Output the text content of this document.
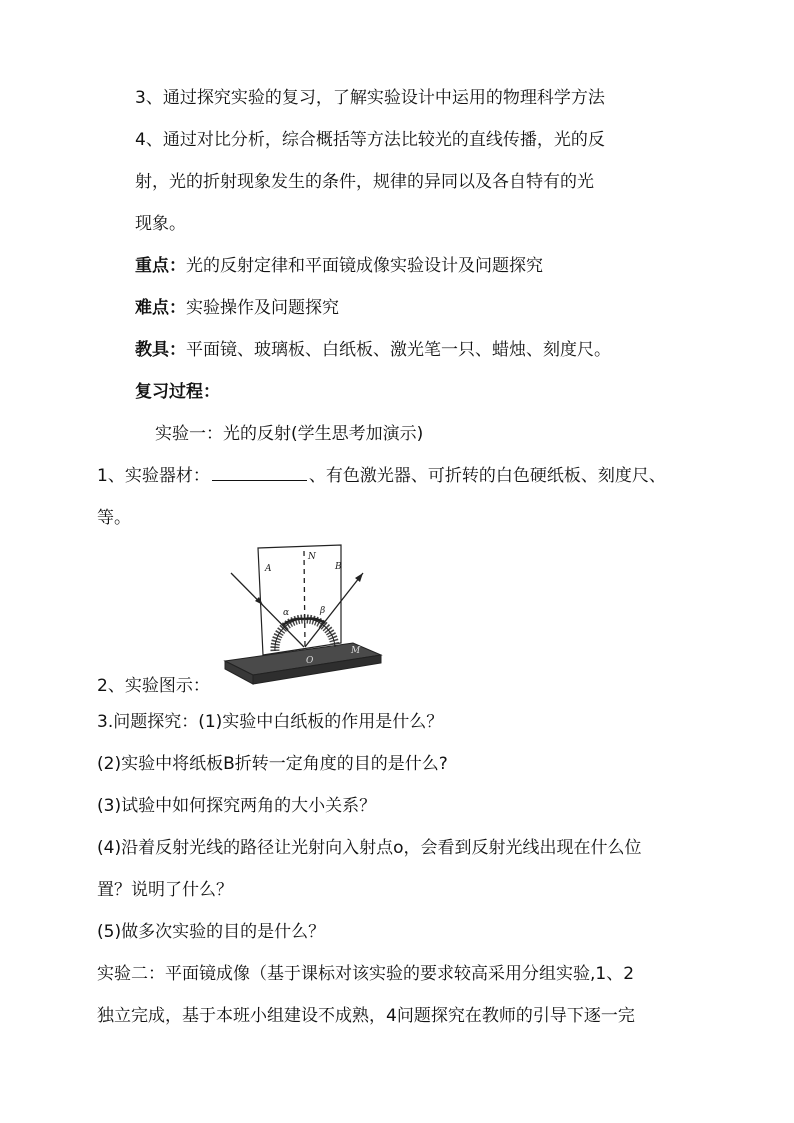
3、通过探究实验的复习，了解实验设计中运用的物理科学方法
4、通过对比分析，综合概括等方法比较光的直线传播，光的反
射，光的折射现象发生的条件，规律的异同以及各自特有的光
现象。
重点：光的反射定律和平面镜成像实验设计及问题探究
难点：实验操作及问题探究
教具：平面镜、玻璃板、白纸板、激光笔一只、蜡烛、刻度尺。
复习过程：
实验一：光的反射(学生思考加演示)
1、实验器材：	、有色激光器、可折转的白色硬纸板、刻度尺、
等。
N
A	B
α	β
O
M
2、实验图示：
3.问题探究：(1)实验中白纸板的作用是什么？
(2)实验中将纸板B折转一定角度的目的是什么?
(3)试验中如何探究两角的大小关系？
(4)沿着反射光线的路径让光射向入射点o，会看到反射光线出现在什么位
置？说明了什么？
(5)做多次实验的目的是什么？
实验二：平面镜成像（基于课标对该实验的要求较高采用分组实验,1、2
独立完成，基于本班小组建设不成熟，4问题探究在教师的引导下逐一完
